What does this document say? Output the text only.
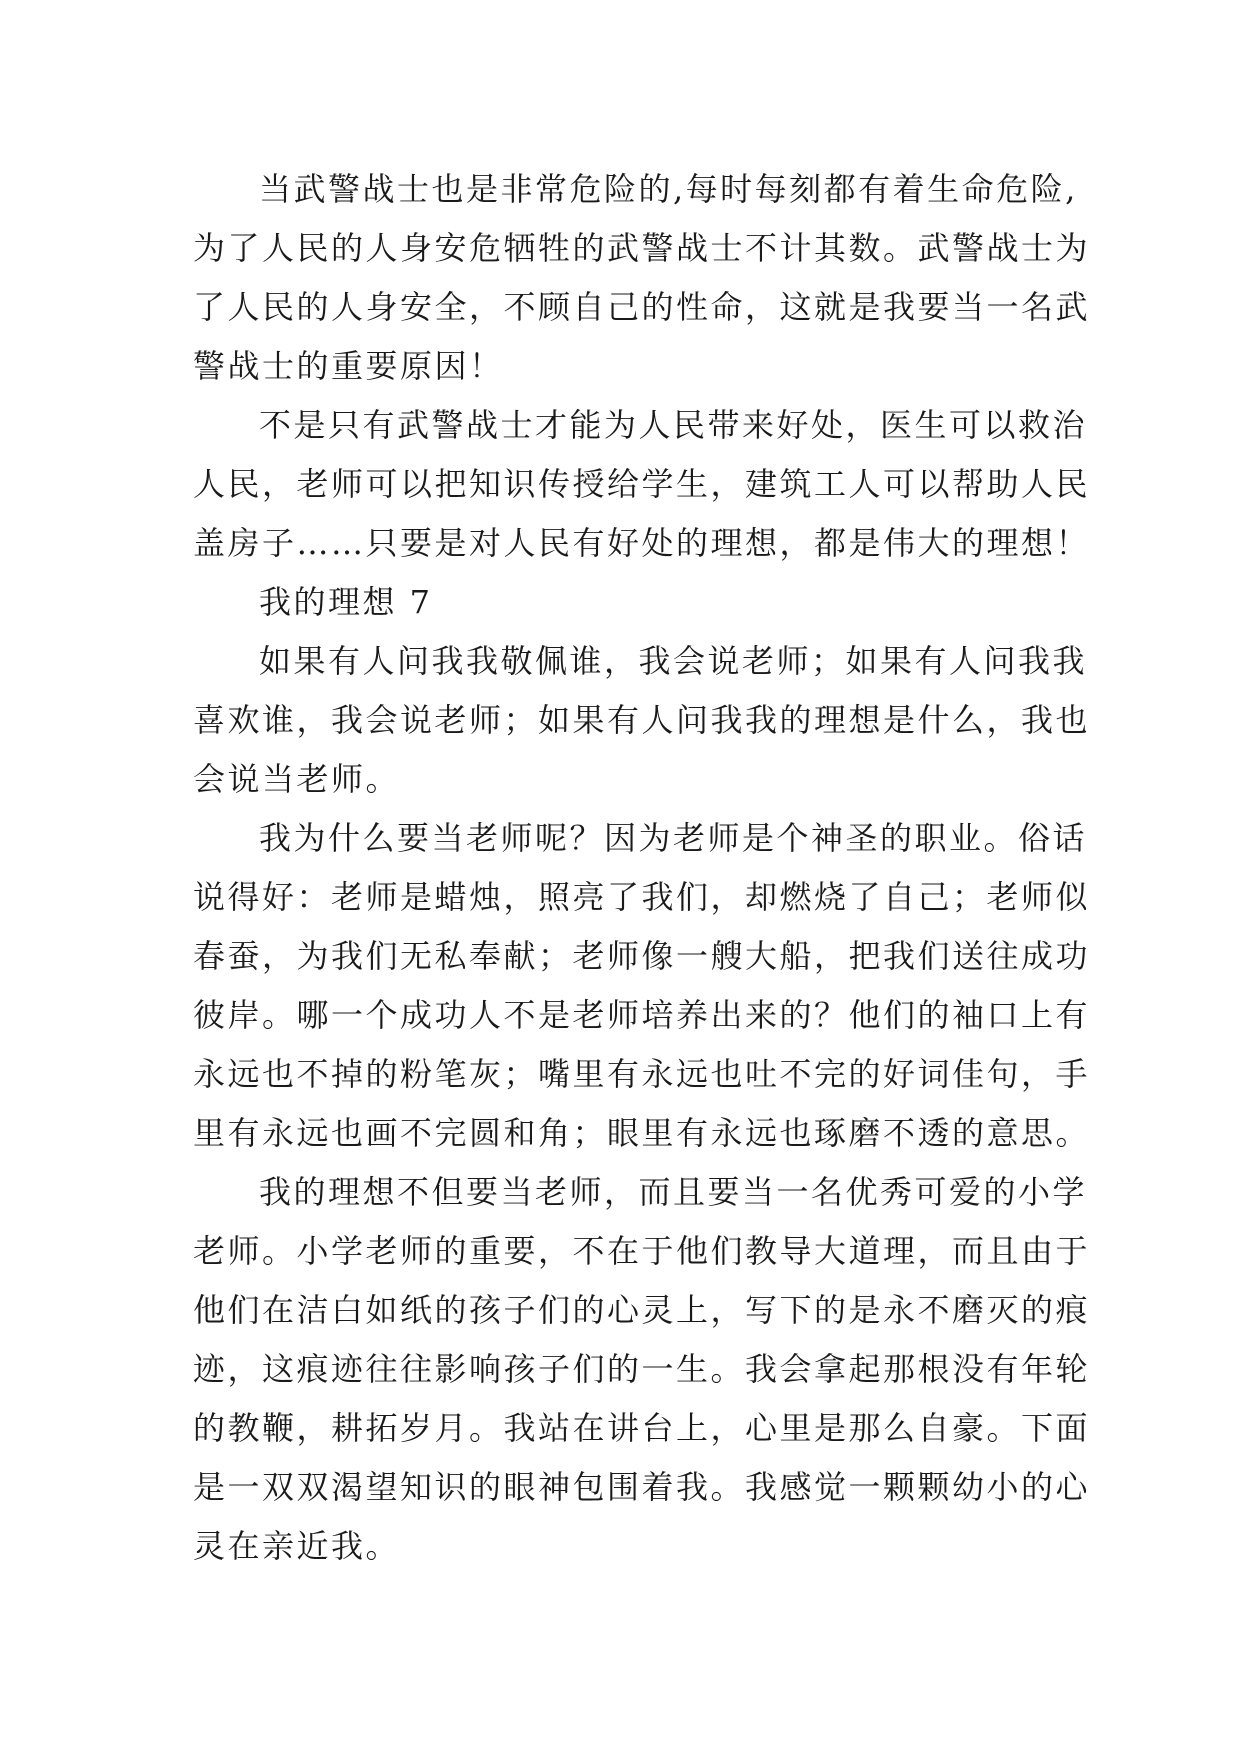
当武警战士也是非常危险的,每时每刻都有着生命危险,
为了人民的人身安危牺牲的武警战士不计其数。武警战士为
了人民的人身安全，不顾自己的性命，这就是我要当一名武
警战士的重要原因！
不是只有武警战士才能为人民带来好处，医生可以救治
人民，老师可以把知识传授给学生，建筑工人可以帮助人民
盖房子……只要是对人民有好处的理想，都是伟大的理想！
我的理想 7
如果有人问我我敬佩谁，我会说老师；如果有人问我我
喜欢谁，我会说老师；如果有人问我我的理想是什么，我也
会说当老师。
我为什么要当老师呢？因为老师是个神圣的职业。俗话
说得好：老师是蜡烛，照亮了我们，却燃烧了自己；老师似
春蚕，为我们无私奉献；老师像一艘大船，把我们送往成功
彼岸。哪一个成功人不是老师培养出来的？他们的袖口上有
永远也不掉的粉笔灰；嘴里有永远也吐不完的好词佳句，手
里有永远也画不完圆和角；眼里有永远也琢磨不透的意思。
我的理想不但要当老师，而且要当一名优秀可爱的小学
老师。小学老师的重要，不在于他们教导大道理，而且由于
他们在洁白如纸的孩子们的心灵上，写下的是永不磨灭的痕
迹，这痕迹往往影响孩子们的一生。我会拿起那根没有年轮
的教鞭，耕拓岁月。我站在讲台上，心里是那么自豪。下面
是一双双渴望知识的眼神包围着我。我感觉一颗颗幼小的心
灵在亲近我。
